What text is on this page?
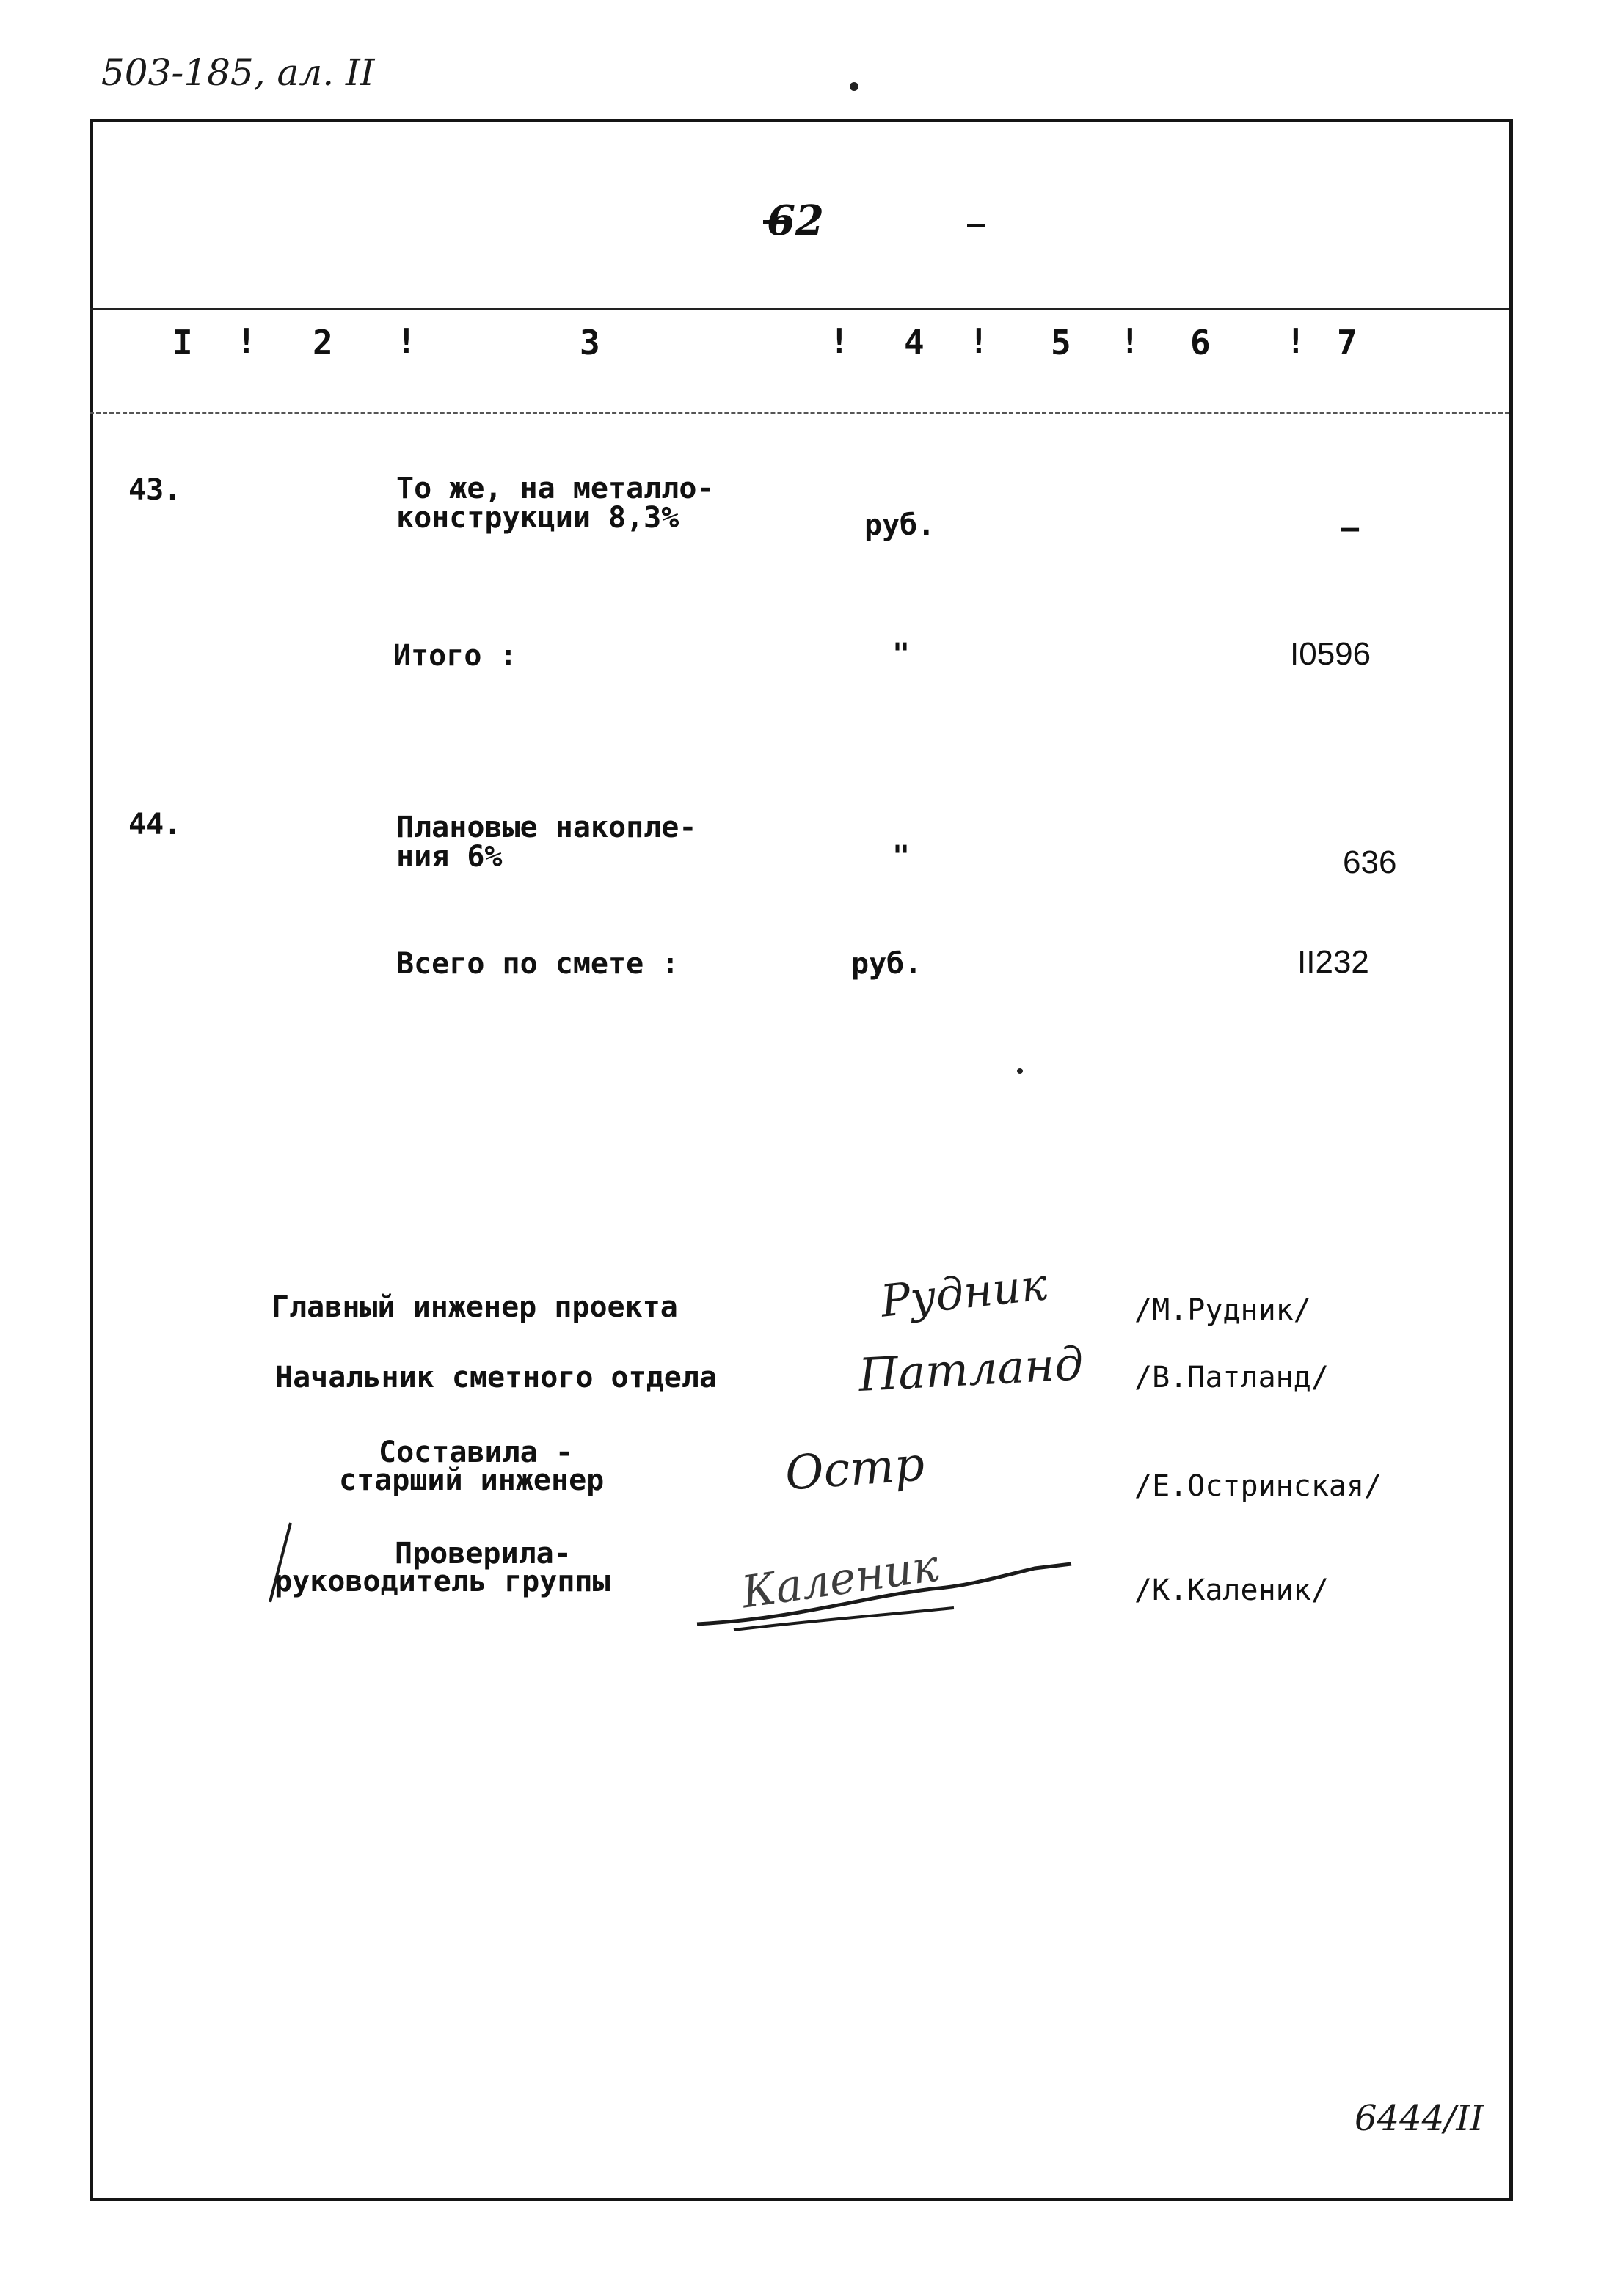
503-185, ал. II
62
I ! 2 !	3	! 4 ! 5 ! 6 ! 7
43.	То же, на металло-
конструкции 8,3%	руб.	–
Итого :	"	I0596
44.	Плановые накопле-
ния 6%	"	636
Всего по смете :	руб.	II232
Главный инженер проекта	Рудник	/М.Рудник/
Начальник сметного отдела	Патланд /В.Патланд/
Составила -
старший инженер	Остр	/Е.Остринская/
Проверила-
руководитель группы	Каленик	/К.Каленик/
6444/II
